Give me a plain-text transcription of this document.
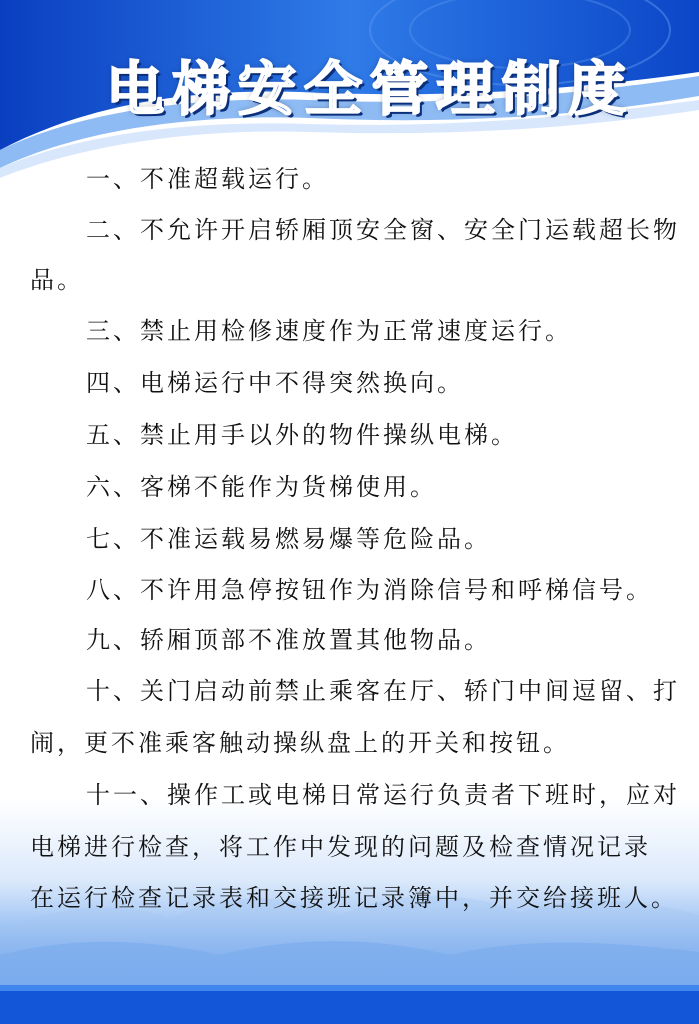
电梯安全管理制度
一、不准超载运行。
二、不允许开启轿厢顶安全窗、安全门运载超长物
品。
三、禁止用检修速度作为正常速度运行。
四、电梯运行中不得突然换向。
五、禁止用手以外的物件操纵电梯。
六、客梯不能作为货梯使用。
七、不准运载易燃易爆等危险品。
八、不许用急停按钮作为消除信号和呼梯信号。
九、轿厢顶部不准放置其他物品。
十、关门启动前禁止乘客在厅、轿门中间逗留、打
闹，更不准乘客触动操纵盘上的开关和按钮。
十一、操作工或电梯日常运行负责者下班时，应对
电梯进行检查，将工作中发现的问题及检查情况记录
在运行检查记录表和交接班记录簿中，并交给接班人。
